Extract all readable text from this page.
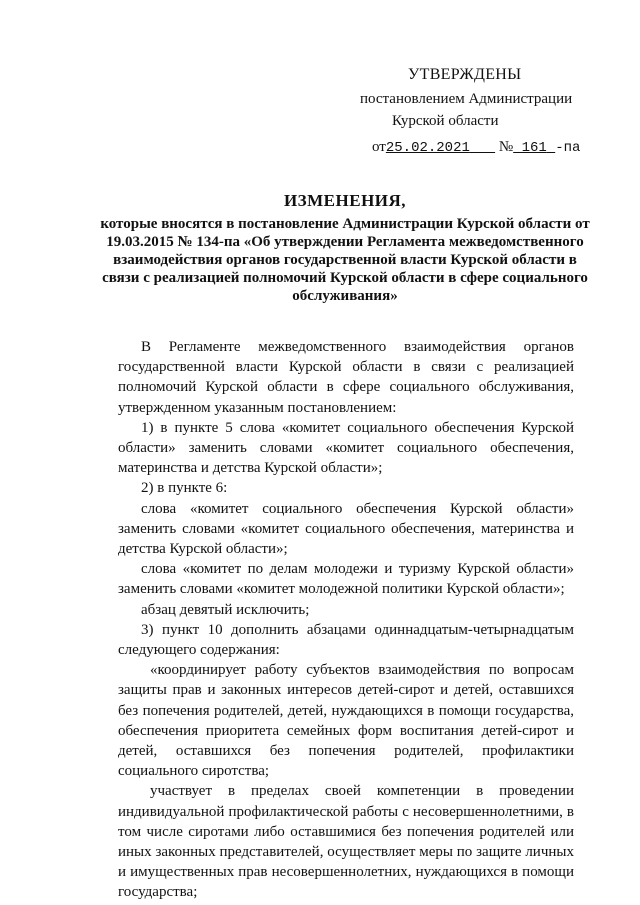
УТВЕРЖДЕНЫ
постановлением Администрации
Курской области
от25.02.2021 № 161 -па
ИЗМЕНЕНИЯ,
которые вносятся в постановление Администрации Курской области от 19.03.2015 № 134-па «Об утверждении Регламента межведомственного взаимодействия органов государственной власти Курской области в связи с реализацией полномочий Курской области в сфере социального обслуживания»

В Регламенте межведомственного взаимодействия органов государственной власти Курской области в связи с реализацией полномочий Курской области в сфере социального обслуживания, утвержденном указанным постановлением:

1) в пункте 5 слова «комитет социального обеспечения Курской области» заменить словами «комитет социального обеспечения, материнства и детства Курской области»;

2) в пункте 6:

слова «комитет социального обеспечения Курской области» заменить словами «комитет социального обеспечения, материнства и детства Курской области»;

слова «комитет по делам молодежи и туризму Курской области» заменить словами «комитет молодежной политики Курской области»;

абзац девятый исключить;

3) пункт 10 дополнить абзацами одиннадцатым-четырнадцатым следующего содержания:

«координирует работу субъектов взаимодействия по вопросам защиты прав и законных интересов детей-сирот и детей, оставшихся без попечения родителей, детей, нуждающихся в помощи государства, обеспечения приоритета семейных форм воспитания детей-сирот и детей, оставшихся без попечения родителей, профилактики социального сиротства;

участвует в пределах своей компетенции в проведении индивидуальной профилактической работы с несовершеннолетними, в том числе сиротами либо оставшимися без попечения родителей или иных законных представителей, осуществляет меры по защите личных и имущественных прав несовершеннолетних, нуждающихся в помощи государства;
